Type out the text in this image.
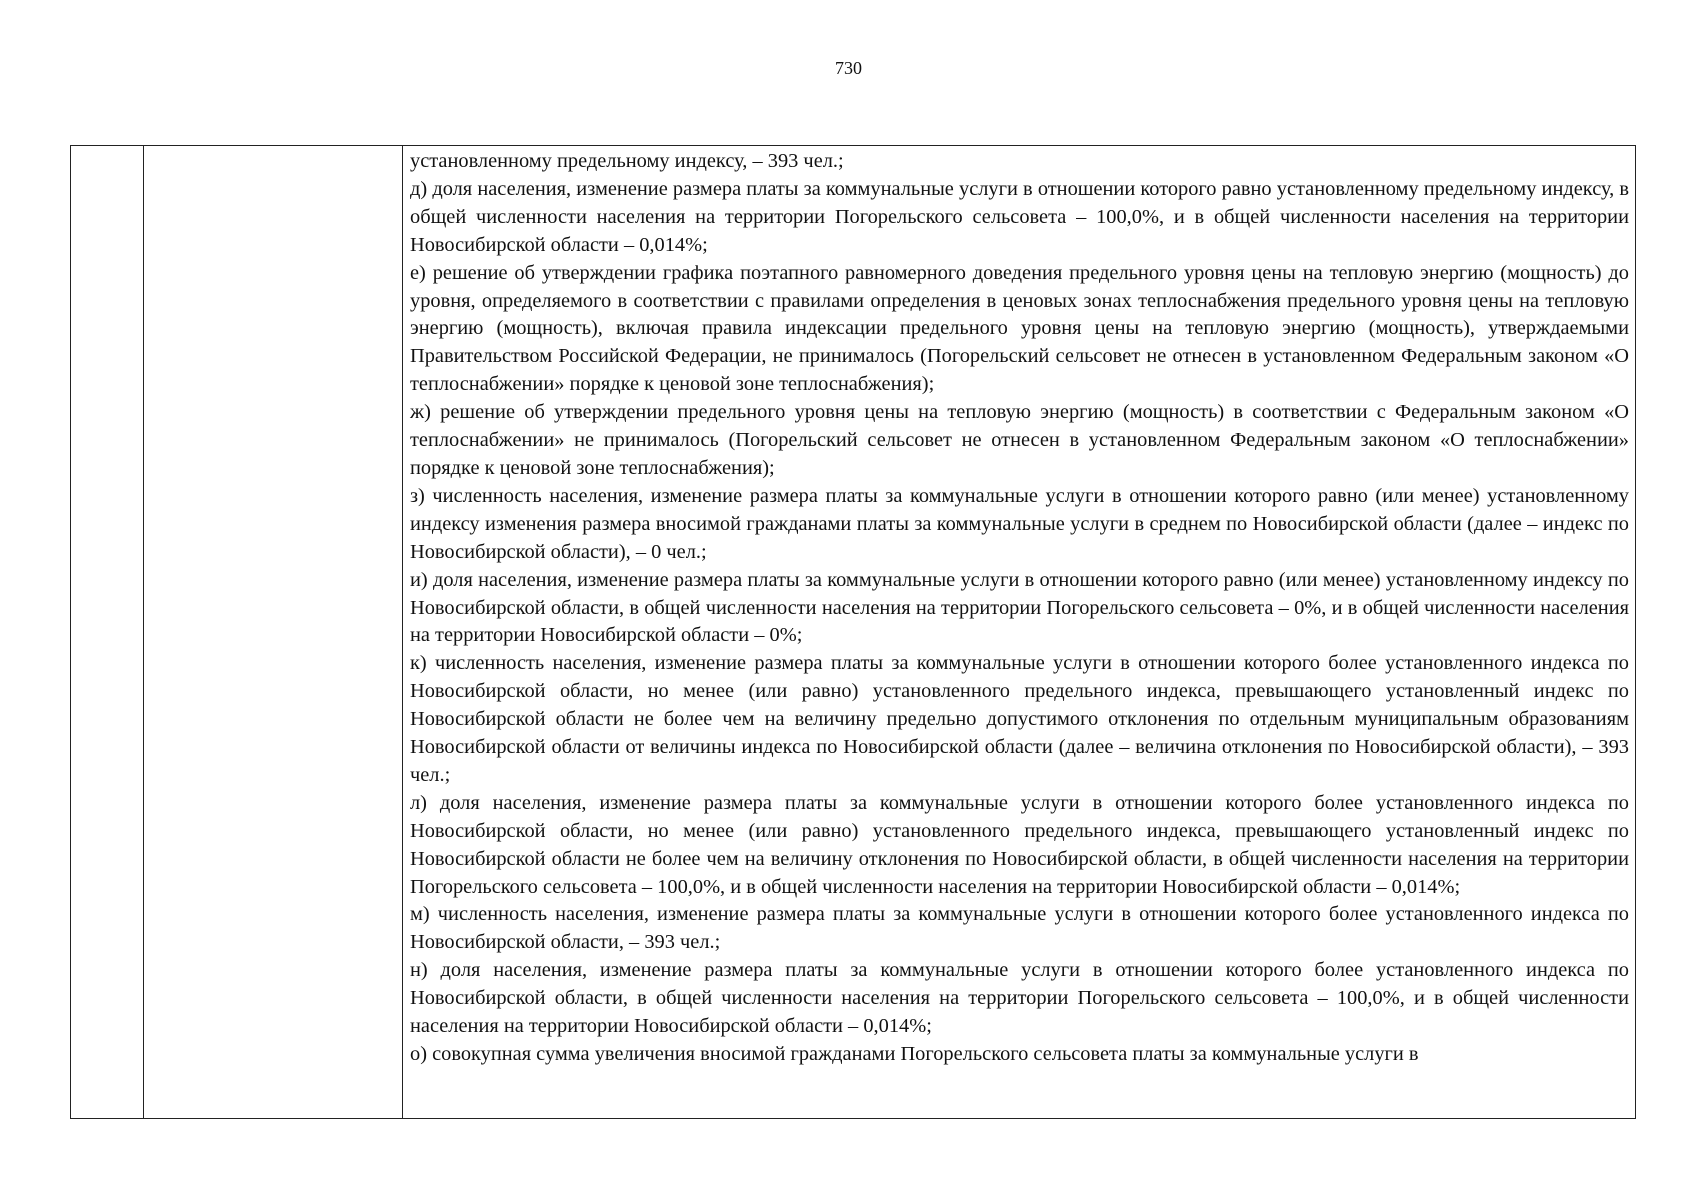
730

установленному предельному индексу, – 393 чел.;

д) доля населения, изменение размера платы за коммунальные услуги в отношении которого равно установленному предельному индексу, в общей численности населения на территории Погорельского сельсовета – 100,0%, и в общей численности населения на территории Новосибирской области – 0,014%;

е) решение об утверждении графика поэтапного равномерного доведения предельного уровня цены на тепловую энергию (мощность) до уровня, определяемого в соответствии с правилами определения в ценовых зонах теплоснабжения предельного уровня цены на тепловую энергию (мощность), включая правила индексации предельного уровня цены на тепловую энергию (мощность), утверждаемыми Правительством Российской Федерации, не принималось (Погорельский сельсовет не отнесен в установленном Федеральным законом «О теплоснабжении» порядке к ценовой зоне теплоснабжения);

ж) решение об утверждении предельного уровня цены на тепловую энергию (мощность) в соответствии с Федеральным законом «О теплоснабжении» не принималось (Погорельский сельсовет не отнесен в установленном Федеральным законом «О теплоснабжении» порядке к ценовой зоне теплоснабжения);

з) численность населения, изменение размера платы за коммунальные услуги в отношении которого равно (или менее) установленному индексу изменения размера вносимой гражданами платы за коммунальные услуги в среднем по Новосибирской области (далее – индекс по Новосибирской области), – 0 чел.;

и) доля населения, изменение размера платы за коммунальные услуги в отношении которого равно (или менее) установленному индексу по Новосибирской области, в общей численности населения на территории Погорельского сельсовета – 0%, и в общей численности населения на территории Новосибирской области – 0%;

к) численность населения, изменение размера платы за коммунальные услуги в отношении которого более установленного индекса по Новосибирской области, но менее (или равно) установленного предельного индекса, превышающего установленный индекс по Новосибирской области не более чем на величину предельно допустимого отклонения по отдельным муниципальным образованиям Новосибирской области от величины индекса по Новосибирской области (далее – величина отклонения по Новосибирской области), – 393 чел.;

л) доля населения, изменение размера платы за коммунальные услуги в отношении которого более установленного индекса по Новосибирской области, но менее (или равно) установленного предельного индекса, превышающего установленный индекс по Новосибирской области не более чем на величину отклонения по Новосибирской области, в общей численности населения на территории Погорельского сельсовета – 100,0%, и в общей численности населения на территории Новосибирской области – 0,014%;

м) численность населения, изменение размера платы за коммунальные услуги в отношении которого более установленного индекса по Новосибирской области, – 393 чел.;

н) доля населения, изменение размера платы за коммунальные услуги в отношении которого более установленного индекса по Новосибирской области, в общей численности населения на территории Погорельского сельсовета – 100,0%, и в общей численности населения на территории Новосибирской области – 0,014%;

о) совокупная сумма увеличения вносимой гражданами Погорельского сельсовета платы за коммунальные услуги в
